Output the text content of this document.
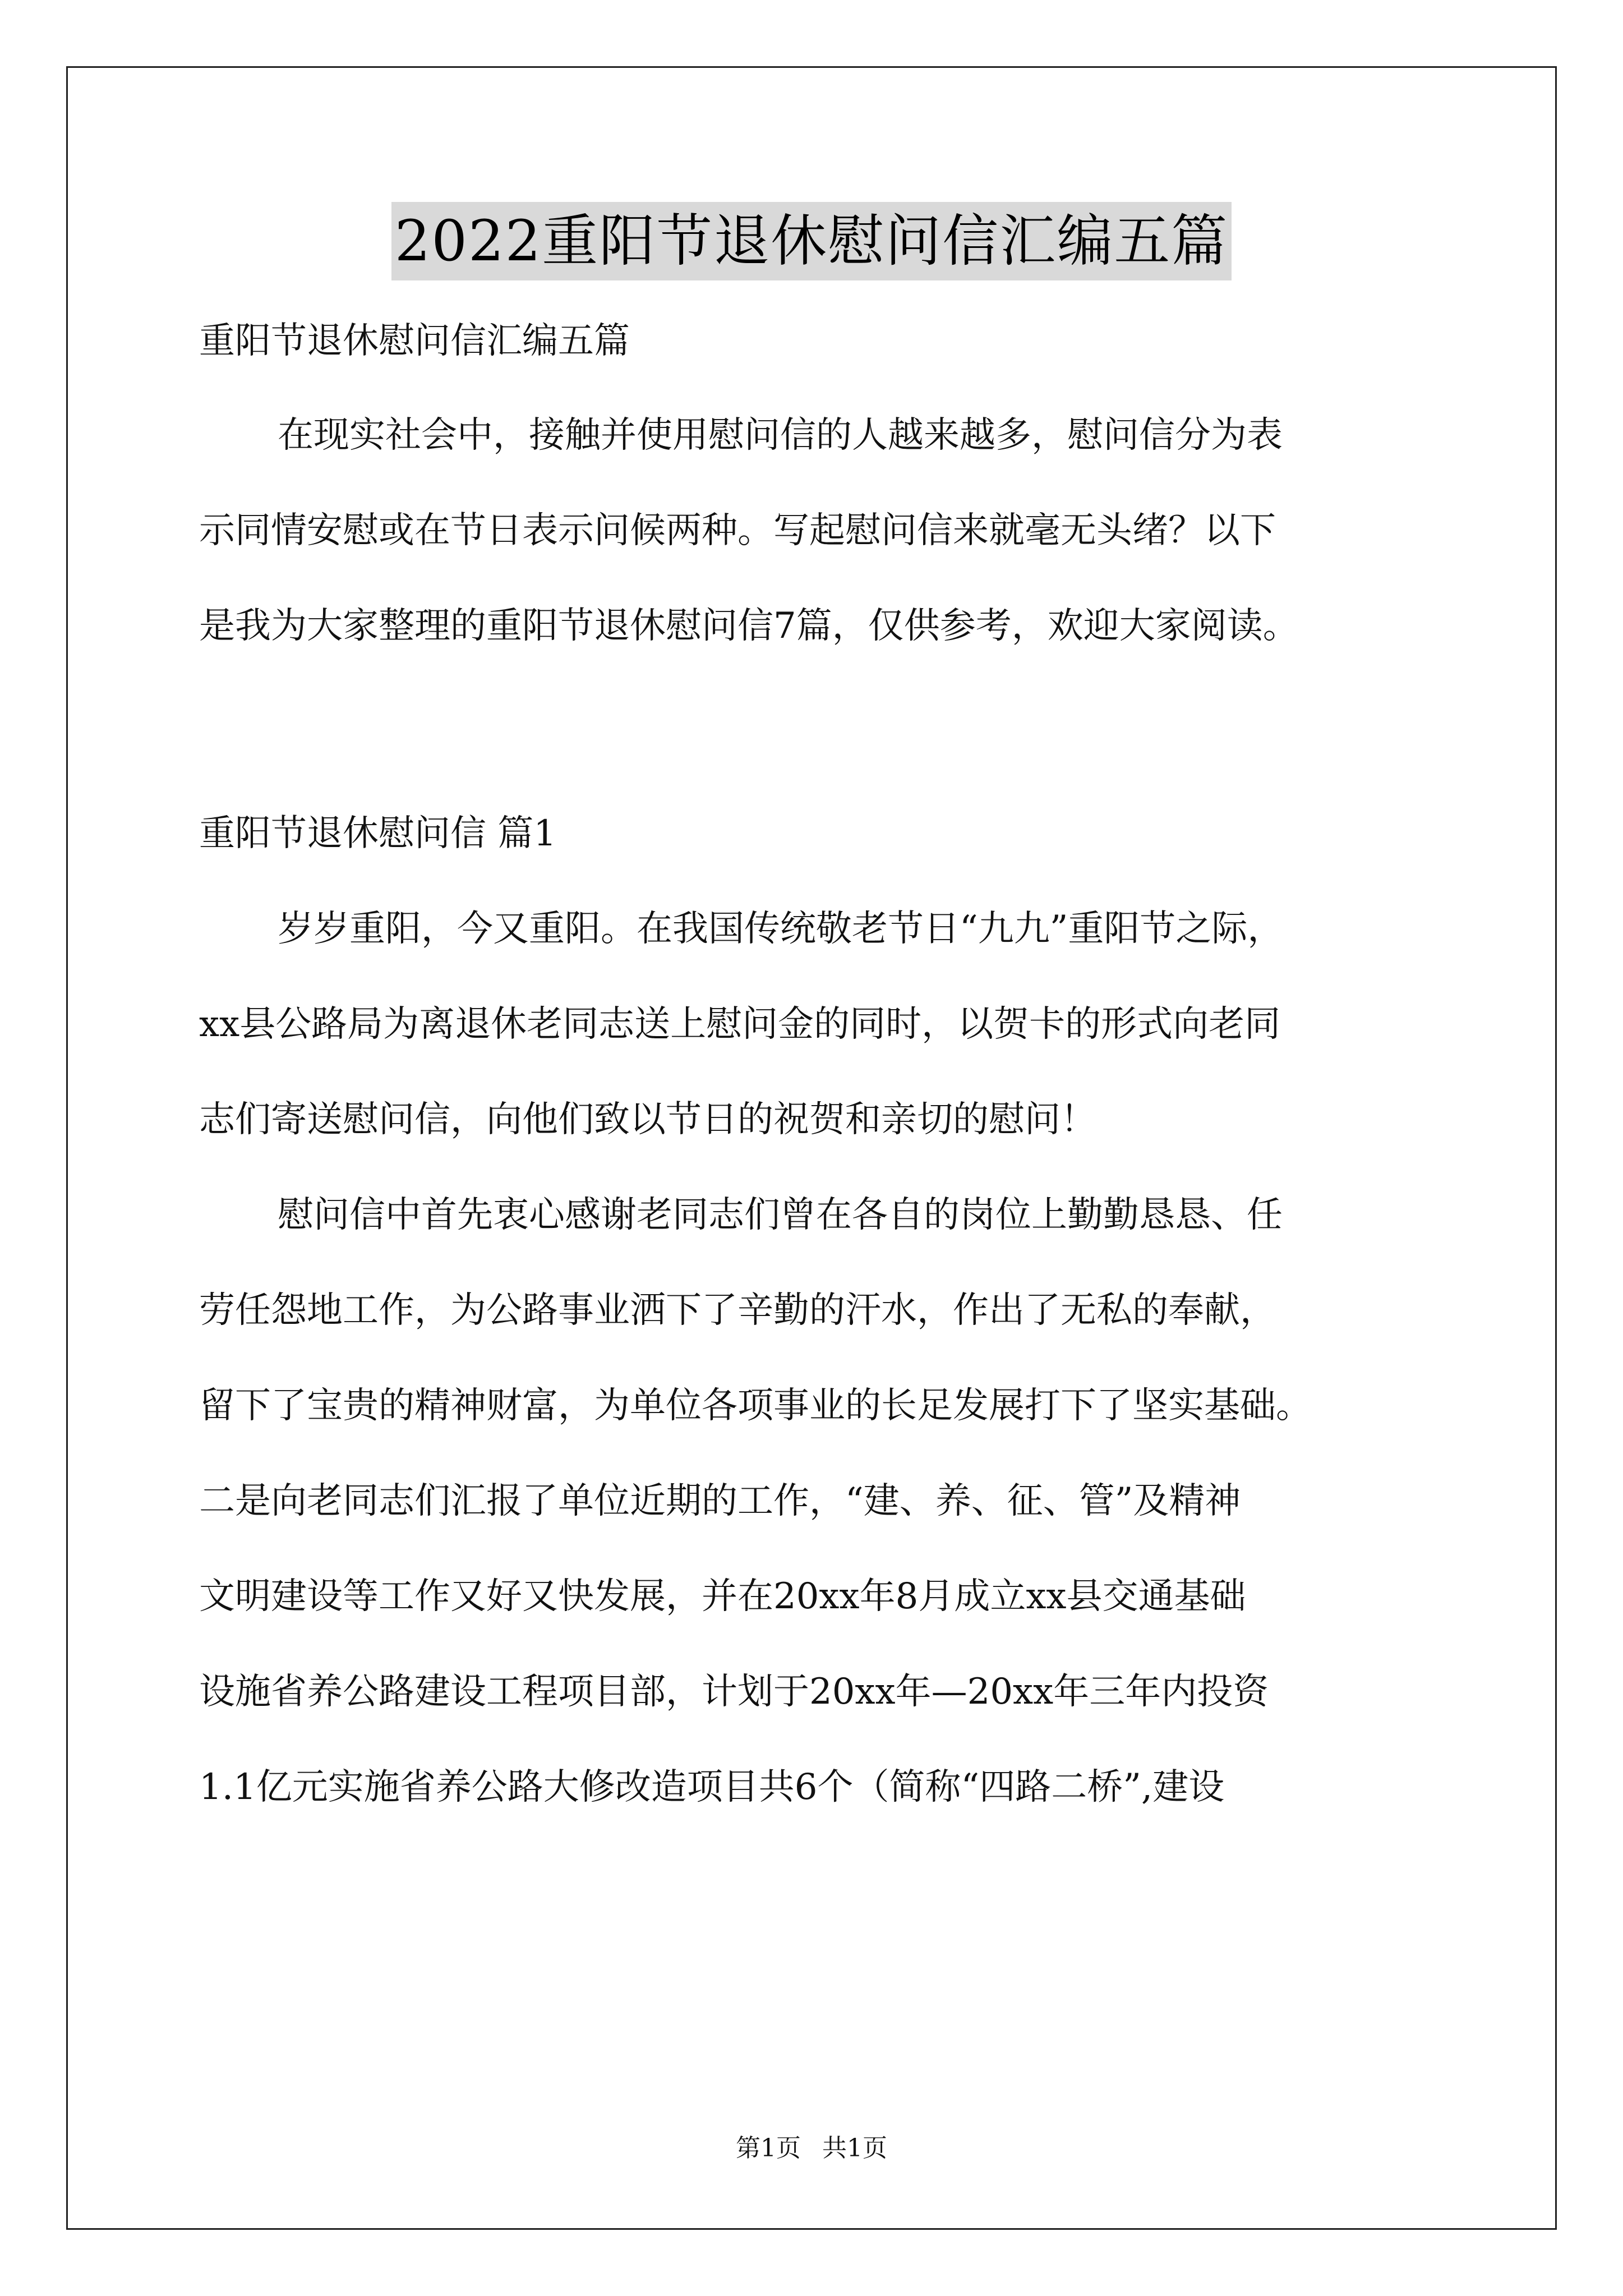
2022重阳节退休慰问信汇编五篇
重阳节退休慰问信汇编五篇
在现实社会中，接触并使用慰问信的人越来越多，慰问信分为表
示同情安慰或在节日表示问候两种。写起慰问信来就毫无头绪？以下
是我为大家整理的重阳节退休慰问信7篇，仅供参考，欢迎大家阅读。
重阳节退休慰问信 篇1
岁岁重阳，今又重阳。在我国传统敬老节日“九九”重阳节之际，
xx县公路局为离退休老同志送上慰问金的同时，以贺卡的形式向老同
志们寄送慰问信，向他们致以节日的祝贺和亲切的慰问！
慰问信中首先衷心感谢老同志们曾在各自的岗位上勤勤恳恳、任
劳任怨地工作，为公路事业洒下了辛勤的汗水，作出了无私的奉献，
留下了宝贵的精神财富，为单位各项事业的长足发展打下了坚实基础。
二是向老同志们汇报了单位近期的工作，“建、养、征、管”及精神
文明建设等工作又好又快发展，并在20xx年8月成立xx县交通基础
设施省养公路建设工程项目部，计划于20xx年—20xx年三年内投资
1.1亿元实施省养公路大修改造项目共6个（简称“四路二桥”,建设
第1页 共1页
